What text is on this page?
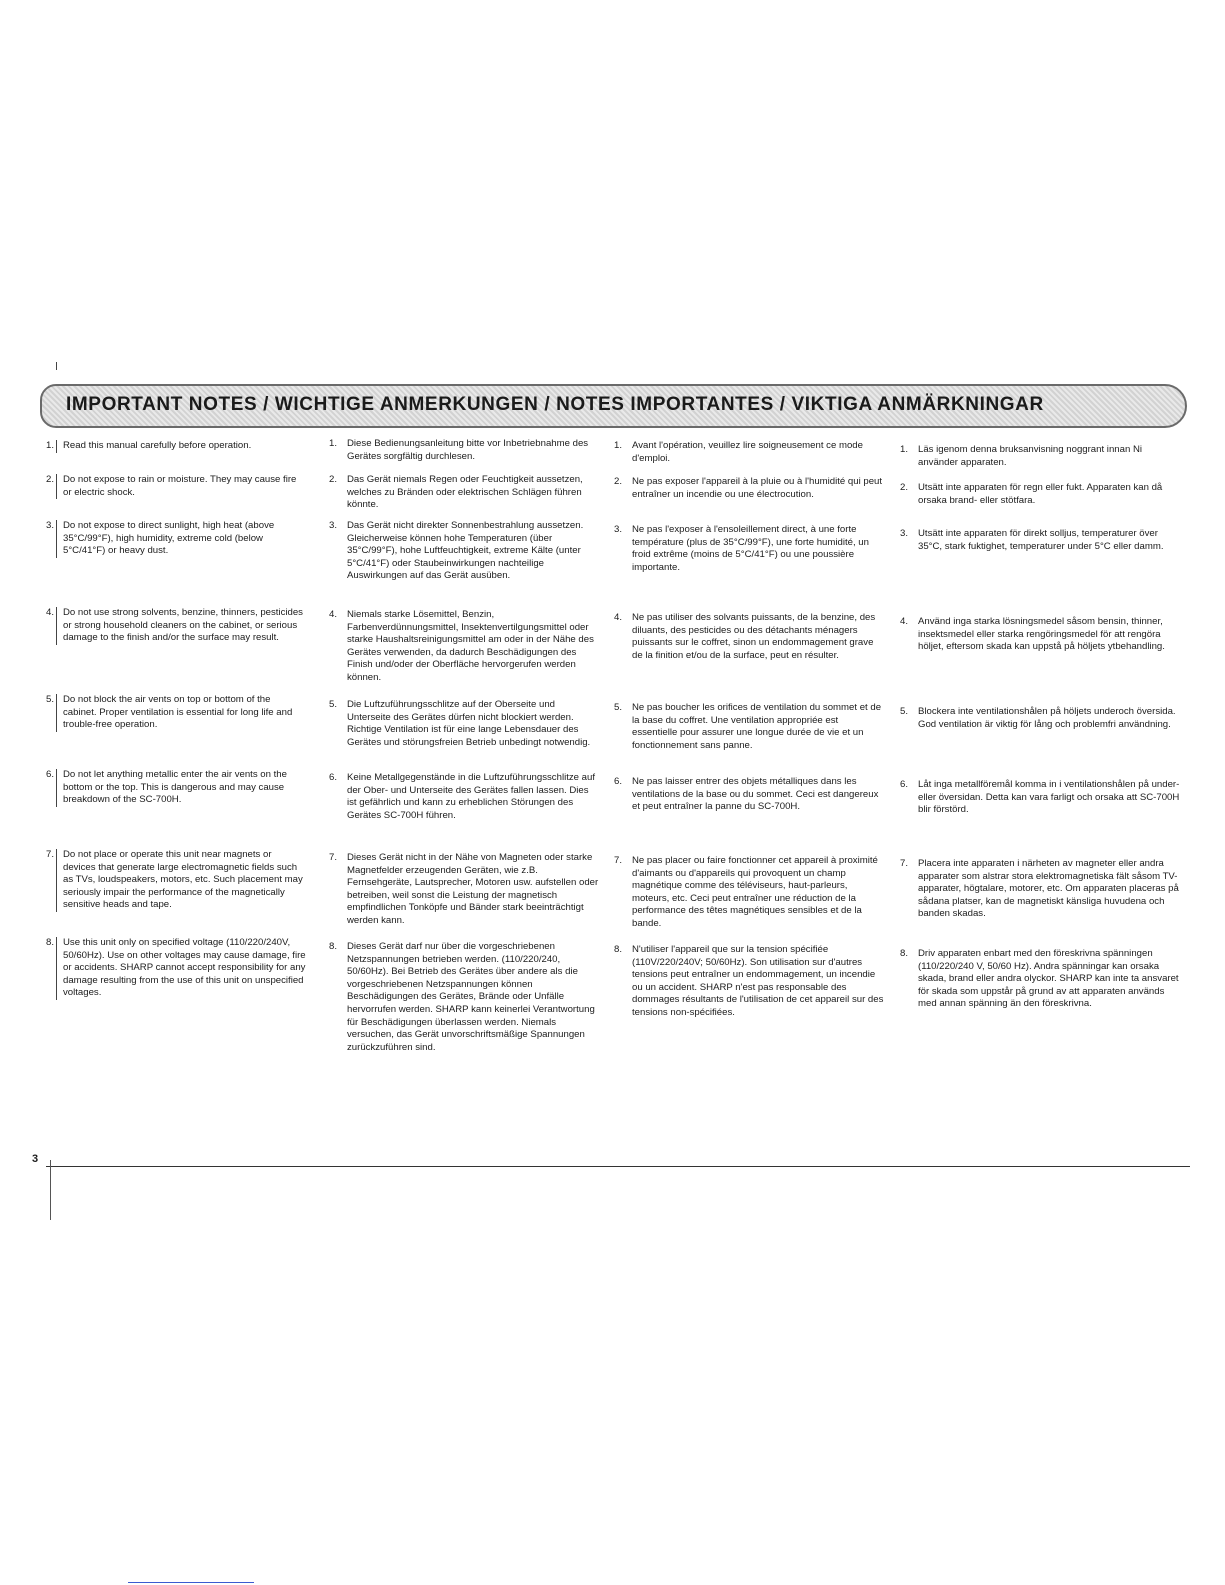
IMPORTANT NOTES / WICHTIGE ANMERKUNGEN / NOTES IMPORTANTES / VIKTIGA ANMÄRKNINGAR
1. Read this manual carefully before operation.
2. Do not expose to rain or moisture. They may cause fire or electric shock.
3. Do not expose to direct sunlight, high heat (above 35°C/99°F), high humidity, extreme cold (below 5°C/41°F) or heavy dust.
4. Do not use strong solvents, benzine, thinners, pesticides or strong household cleaners on the cabinet, or serious damage to the finish and/or the surface may result.
5. Do not block the air vents on top or bottom of the cabinet. Proper ventilation is essential for long life and trouble-free operation.
6. Do not let anything metallic enter the air vents on the bottom or the top. This is dangerous and may cause breakdown of the SC-700H.
7. Do not place or operate this unit near magnets or devices that generate large electromagnetic fields such as TVs, loudspeakers, motors, etc. Such placement may seriously impair the performance of the magnetically sensitive heads and tape.
8. Use this unit only on specified voltage (110/220/240V, 50/60Hz). Use on other voltages may cause damage, fire or accidents. SHARP cannot accept responsibility for any damage resulting from the use of this unit on unspecified voltages.
1.	Diese Bedienungsanleitung bitte vor Inbetriebnahme des Gerätes sorgfältig durchlesen.
2.	Das Gerät niemals Regen oder Feuchtigkeit aussetzen, welches zu Bränden oder elektrischen Schlägen führen könnte.
3.	Das Gerät nicht direkter Sonnenbestrahlung aussetzen. Gleicherweise können hohe Temperaturen (über 35°C/99°F), hohe Luftfeuchtigkeit, extreme Kälte (unter 5°C/41°F) oder Staubeinwirkungen nachteilige Auswirkungen auf das Gerät ausüben.
4.	Niemals starke Lösemittel, Benzin, Farbenverdünnungsmittel, Insektenvertilgungsmittel oder starke Haushaltsreinigungsmittel am oder in der Nähe des Gerätes verwenden, da dadurch Beschädigungen des Finish und/oder der Oberfläche hervorgerufen werden können.
5.	Die Luftzuführungsschlitze auf der Oberseite und Unterseite des Gerätes dürfen nicht blockiert werden. Richtige Ventilation ist für eine lange Lebensdauer des Gerätes und störungsfreien Betrieb unbedingt notwendig.
6.	Keine Metallgegenstände in die Luftzuführungsschlitze auf der Ober- und Unterseite des Gerätes fallen lassen. Dies ist gefährlich und kann zu erheblichen Störungen des Gerätes SC-700H führen.
7.	Dieses Gerät nicht in der Nähe von Magneten oder starke Magnetfelder erzeugenden Geräten, wie z.B. Fernsehgeräte, Lautsprecher, Motoren usw. aufstellen oder betreiben, weil sonst die Leistung der magnetisch empfindlichen Tonköpfe und Bänder stark beeinträchtigt werden kann.
8.	Dieses Gerät darf nur über die vorgeschriebenen Netzspannungen betrieben werden. (110/220/240, 50/60Hz). Bei Betrieb des Gerätes über andere als die vorgeschriebenen Netzspannungen können Beschädigungen des Gerätes, Brände oder Unfälle hervorrufen werden. SHARP kann keinerlei Verantwortung für Beschädigungen überlassen werden. Niemals versuchen, das Gerät unvorschriftsmäßige Spannungen zurückzuführen sind.
1.	Avant l'opération, veuillez lire soigneusement ce mode d'emploi.
2.	Ne pas exposer l'appareil à la pluie ou à l'humidité qui peut entraîner un incendie ou une électrocution.
3.	Ne pas l'exposer à l'ensoleillement direct, à une forte température (plus de 35°C/99°F), une forte humidité, un froid extrême (moins de 5°C/41°F) ou une poussière importante.
4.	Ne pas utiliser des solvants puissants, de la benzine, des diluants, des pesticides ou des détachants ménagers puissants sur le coffret, sinon un endommagement grave de la finition et/ou de la surface, peut en résulter.
5.	Ne pas boucher les orifices de ventilation du sommet et de la base du coffret. Une ventilation appropriée est essentielle pour assurer une longue durée de vie et un fonctionnement sans panne.
6.	Ne pas laisser entrer des objets métalliques dans les ventilations de la base ou du sommet. Ceci est dangereux et peut entraîner la panne du SC-700H.
7.	Ne pas placer ou faire fonctionner cet appareil à proximité d'aimants ou d'appareils qui provoquent un champ magnétique comme des téléviseurs, haut-parleurs, moteurs, etc. Ceci peut entraîner une réduction de la performance des têtes magnétiques sensibles et de la bande.
8.	N'utiliser l'appareil que sur la tension spécifiée (110V/220/240V; 50/60Hz). Son utilisation sur d'autres tensions peut entraîner un endommagement, un incendie ou un accident. SHARP n'est pas responsable des dommages résultants de l'utilisation de cet appareil sur des tensions non-spécifiées.
1.	Läs igenom denna bruksanvisning noggrant innan Ni använder apparaten.
2.	Utsätt inte apparaten för regn eller fukt. Apparaten kan då orsaka brand- eller stötfara.
3.	Utsätt inte apparaten för direkt solljus, temperaturer över 35°C, stark fuktighet, temperaturer under 5°C eller damm.
4.	Använd inga starka lösningsmedel såsom bensin, thinner, insektsmedel eller starka rengöringsmedel för att rengöra höljet, eftersom skada kan uppstå på höljets ytbehandling.
5.	Blockera inte ventilationshålen på höljets underoch översida. God ventilation är viktig för lång och problemfri användning.
6.	Låt inga metallföremål komma in i ventilationshålen på under- eller översidan. Detta kan vara farligt och orsaka att SC-700H blir förstörd.
7.	Placera inte apparaten i närheten av magneter eller andra apparater som alstrar stora elektromagnetiska fält såsom TV-apparater, högtalare, motorer, etc. Om apparaten placeras på sådana platser, kan de magnetiskt känsliga huvudena och banden skadas.
8.	Driv apparaten enbart med den föreskrivna spänningen (110/220/240 V, 50/60 Hz). Andra spänningar kan orsaka skada, brand eller andra olyckor. SHARP kan inte ta ansvaret för skada som uppstår på grund av att apparaten används med annan spänning än den föreskrivna.
3
